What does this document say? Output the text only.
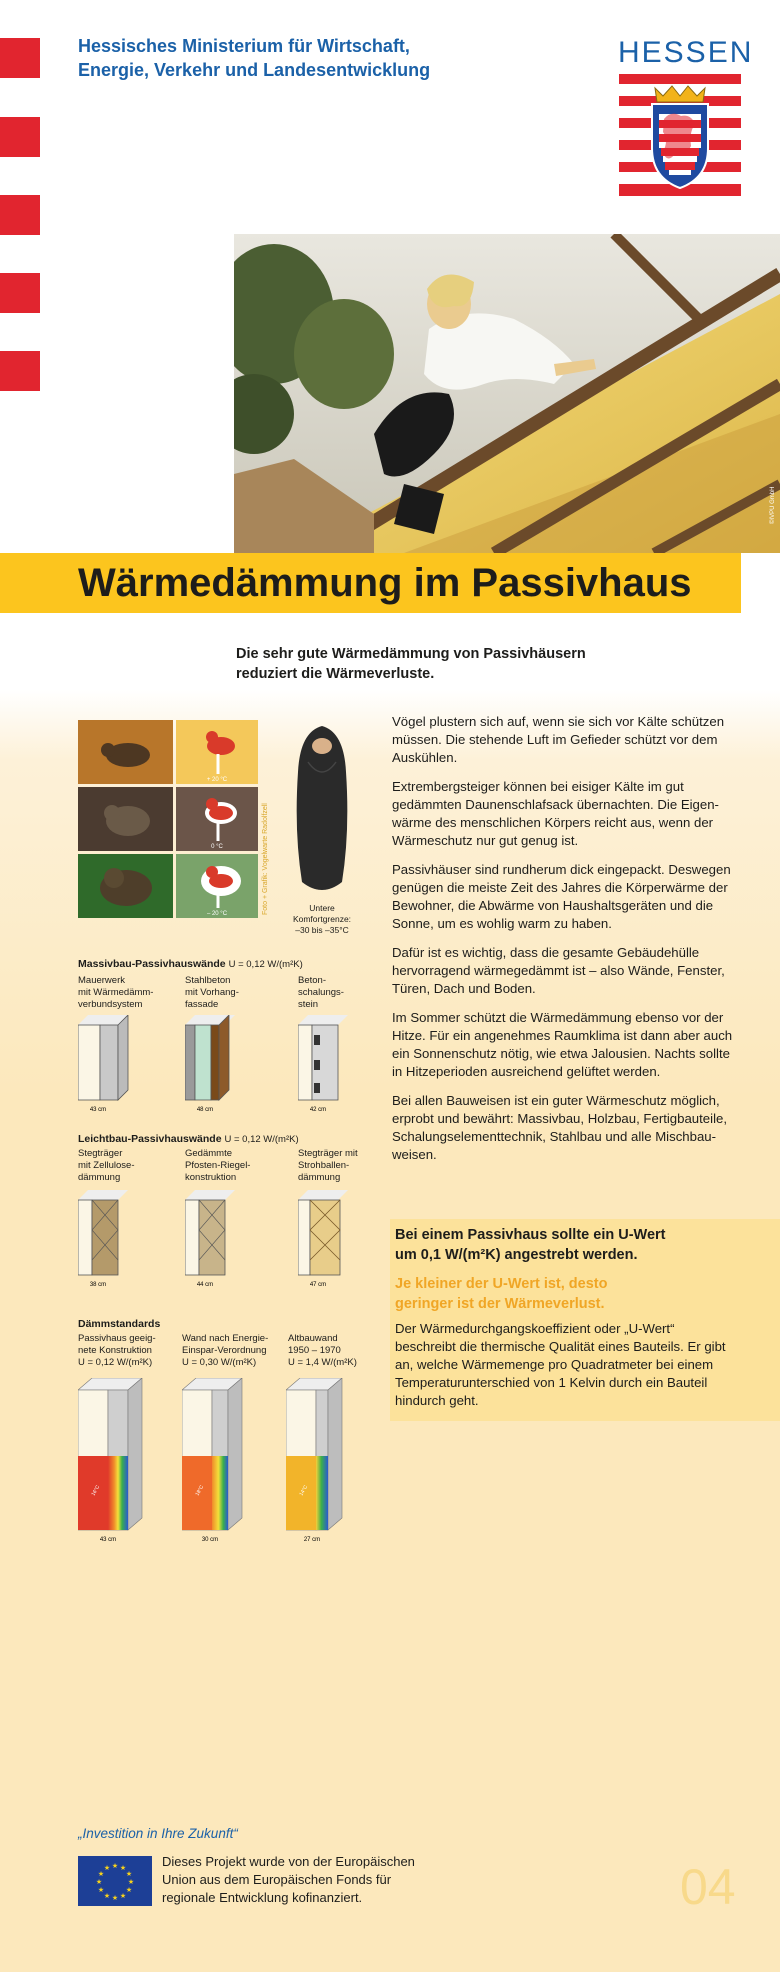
Hessisches Ministerium für Wirtschaft,
Energie, Verkehr und Landesentwicklung
HESSEN
©IVPU GmbH
Wärmedämmung im Passivhaus
Die sehr gute Wärmedämmung von Passivhäusern
reduziert die Wärmeverluste.
+ 20 °C
0 °C
– 20 °C	Foto + Grafik: Vogelwarte Radolfzell	Untere Komfortgrenze:
–30 bis –35°C
Massivbau-Passivhauswände U = 0,12 W/(m²K)
Mauerwerk
mit Wärmedämm-
verbundsystem
Stahlbeton
mit Vorhang-
fassade
Beton-
schalungs-
stein
43 cm	48 cm	42 cm
Leichtbau-Passivhauswände U = 0,12 W/(m²K)
Stegträger
mit Zellulose-
dämmung
Gedämmte
Pfosten-Riegel-
konstruktion
Stegträger mit
Strohballen-
dämmung
38 cm	44 cm	47 cm
Dämmstandards
Passivhaus geeig-
nete Konstruktion
U = 0,12 W/(m²K)
Wand nach Energie-
Einspar-Verordnung
U = 0,30 W/(m²K)
Altbauwand
1950 – 1970
U = 1,4 W/(m²K)
16°C
43 cm
18°C
30 cm
14°C
27 cm

Vögel plustern sich auf, wenn sie sich vor Kälte schützen
müssen. Die stehende Luft im Gefieder schützt vor dem
Auskühlen.

Extrembergsteiger können bei eisiger Kälte im gut
gedämmten Daunenschlafsack übernachten. Die Eigen-
wärme des menschlichen Körpers reicht aus, wenn der
Wärmeschutz nur gut genug ist.

Passivhäuser sind rundherum dick eingepackt. Deswegen
genügen die meiste Zeit des Jahres die Körperwärme der
Bewohner, die Abwärme von Haushaltsgeräten und die
Sonne, um es wohlig warm zu haben.

Dafür ist es wichtig, dass die gesamte Gebäudehülle
hervorragend wärmegedämmt ist – also Wände, Fenster,
Türen, Dach und Boden.

Im Sommer schützt die Wärmedämmung ebenso vor der
Hitze. Für ein angenehmes Raumklima ist dann aber auch
ein Sonnenschutz nötig, wie etwa Jalousien. Nachts sollte
in Hitzeperioden ausreichend gelüftet werden.

Bei allen Bauweisen ist ein guter Wärmeschutz möglich,
erprobt und bewährt: Massivbau, Holzbau, Fertigbauteile,
Schalungselementtechnik, Stahlbau und alle Mischbau-
weisen.

Bei einem Passivhaus sollte ein U-Wert
um 0,1 W/(m²K) angestrebt werden.
Je kleiner der U-Wert ist, desto
geringer ist der Wärmeverlust.
Der Wärmedurchgangskoeffizient oder „U-Wert“
beschreibt die thermische Qualität eines Bauteils. Er gibt
an, welche Wärmemenge pro Quadratmeter bei einem
Temperaturunterschied von 1 Kelvin durch ein Bauteil
hindurch geht.
„Investition in Ihre Zukunft“
★ ★
★
★
★
★
★
★
★
★
★
★	Dieses Projekt wurde von der Europäischen
Union aus dem Europäischen Fonds für
regionale Entwicklung kofinanziert.	04
